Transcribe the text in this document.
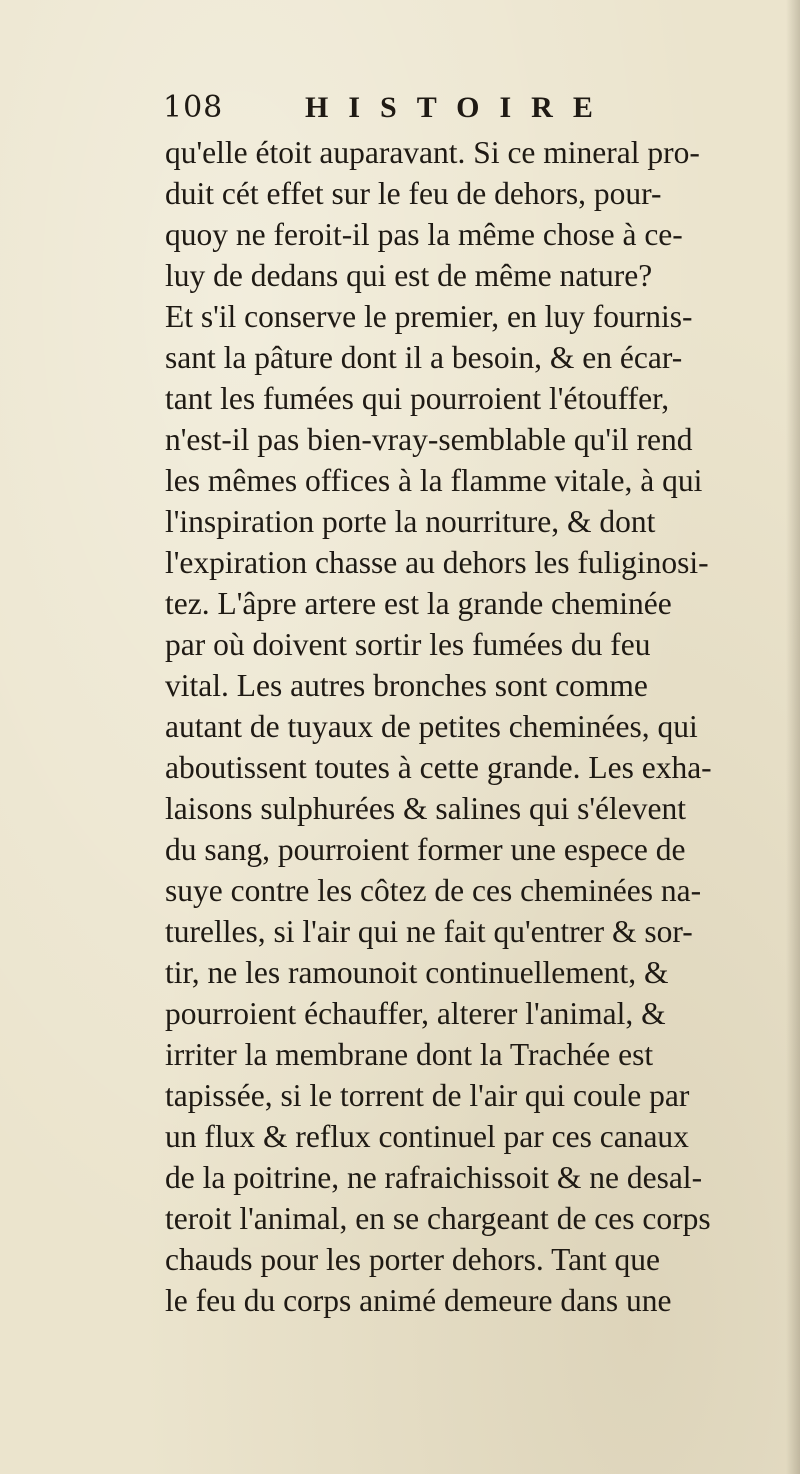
108	HISTOIRE
qu'elle étoit auparavant. Si ce mineral pro-
duit cét effet sur le feu de dehors, pour-
quoy ne feroit-il pas la même chose à ce-
luy de dedans qui est de même nature?
Et s'il conserve le premier, en luy fournis-
sant la pâture dont il a besoin, & en écar-
tant les fumées qui pourroient l'étouffer,
n'est-il pas bien-vray-semblable qu'il rend
les mêmes offices à la flamme vitale, à qui
l'inspiration porte la nourriture, & dont
l'expiration chasse au dehors les fuliginosi-
tez. L'âpre artere est la grande cheminée
par où doivent sortir les fumées du feu
vital. Les autres bronches sont comme
autant de tuyaux de petites cheminées, qui
aboutissent toutes à cette grande. Les exha-
laisons sulphurées & salines qui s'élevent
du sang, pourroient former une espece de
suye contre les côtez de ces cheminées na-
turelles, si l'air qui ne fait qu'entrer & sor-
tir, ne les ramounoit continuellement, &
pourroient échauffer, alterer l'animal, &
irriter la membrane dont la Trachée est
tapissée, si le torrent de l'air qui coule par
un flux & reflux continuel par ces canaux
de la poitrine, ne rafraichissoit & ne desal-
teroit l'animal, en se chargeant de ces corps
chauds pour les porter dehors. Tant que
le feu du corps animé demeure dans une
